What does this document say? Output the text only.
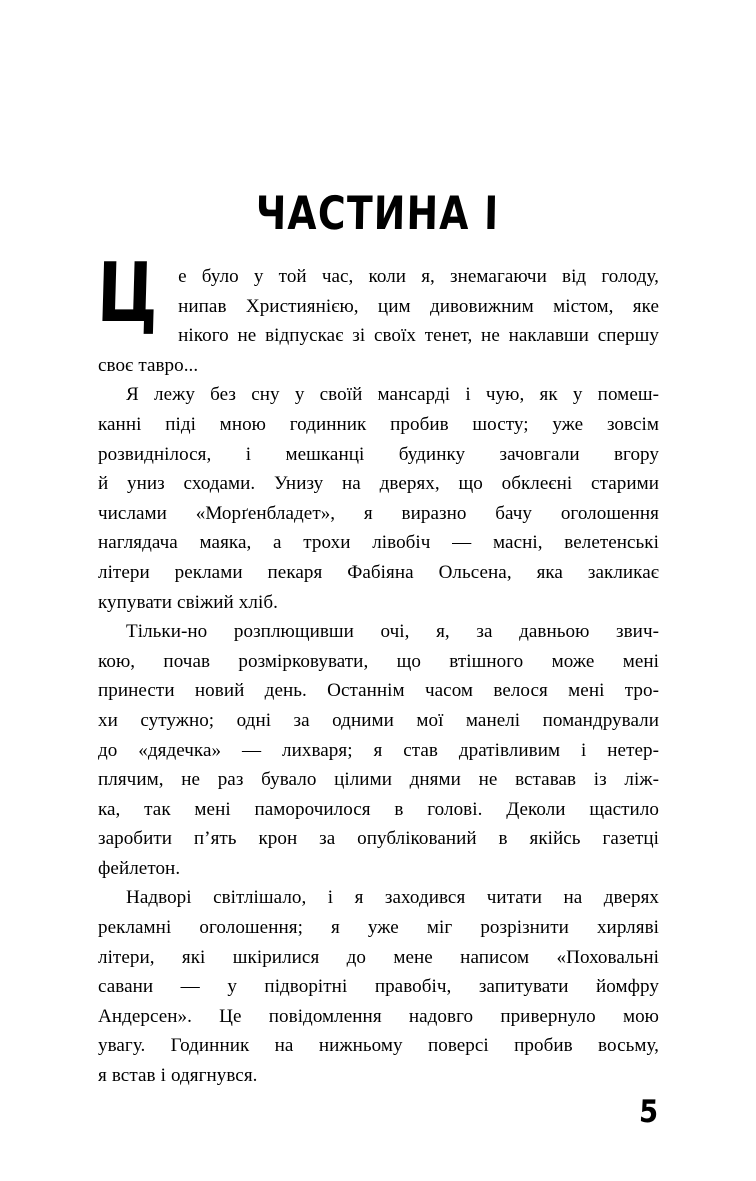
ЧАСТИНА І

Ц е було у той час, коли я, знемагаючи від голоду,
нипав Християнією, цим дивовижним містом, яке
нікого не відпускає зі своїх тенет, не наклавши спершу
своє тавро...

Я лежу без сну у своїй мансарді і чую, як у помеш-
канні піді мною годинник пробив шосту; уже зовсім
розвиднілося, і мешканці будинку зачовгали вгору
й униз сходами. Унизу на дверях, що обклеєні старими
числами «Морґенбладет», я виразно бачу оголошення
наглядача маяка, а трохи лівобіч — масні, велетенські
літери реклами пекаря Фабіяна Ольсена, яка закликає
купувати свіжий хліб.

Тільки-но розплющивши очі, я, за давньою звич-
кою, почав розмірковувати, що втішного може мені
принести новий день. Останнім часом велося мені тро-
хи сутужно; одні за одними мої манелі помандрували
до «дядечка» — лихваря; я став дратівливим і нетер-
плячим, не раз бувало цілими днями не вставав із ліж-
ка, так мені паморочилося в голові. Деколи щастило
заробити п’ять крон за опублікований в якійсь газетці
фейлетон.

Надворі світлішало, і я заходився читати на дверях
рекламні оголошення; я уже міг розрізнити хирляві
літери, які шкірилися до мене написом «Поховальні
савани — у підворітні правобіч, запитувати йомфру
Андерсен». Це повідомлення надовго привернуло мою
увагу. Годинник на нижньому поверсі пробив восьму,
я встав і одягнувся.

5
